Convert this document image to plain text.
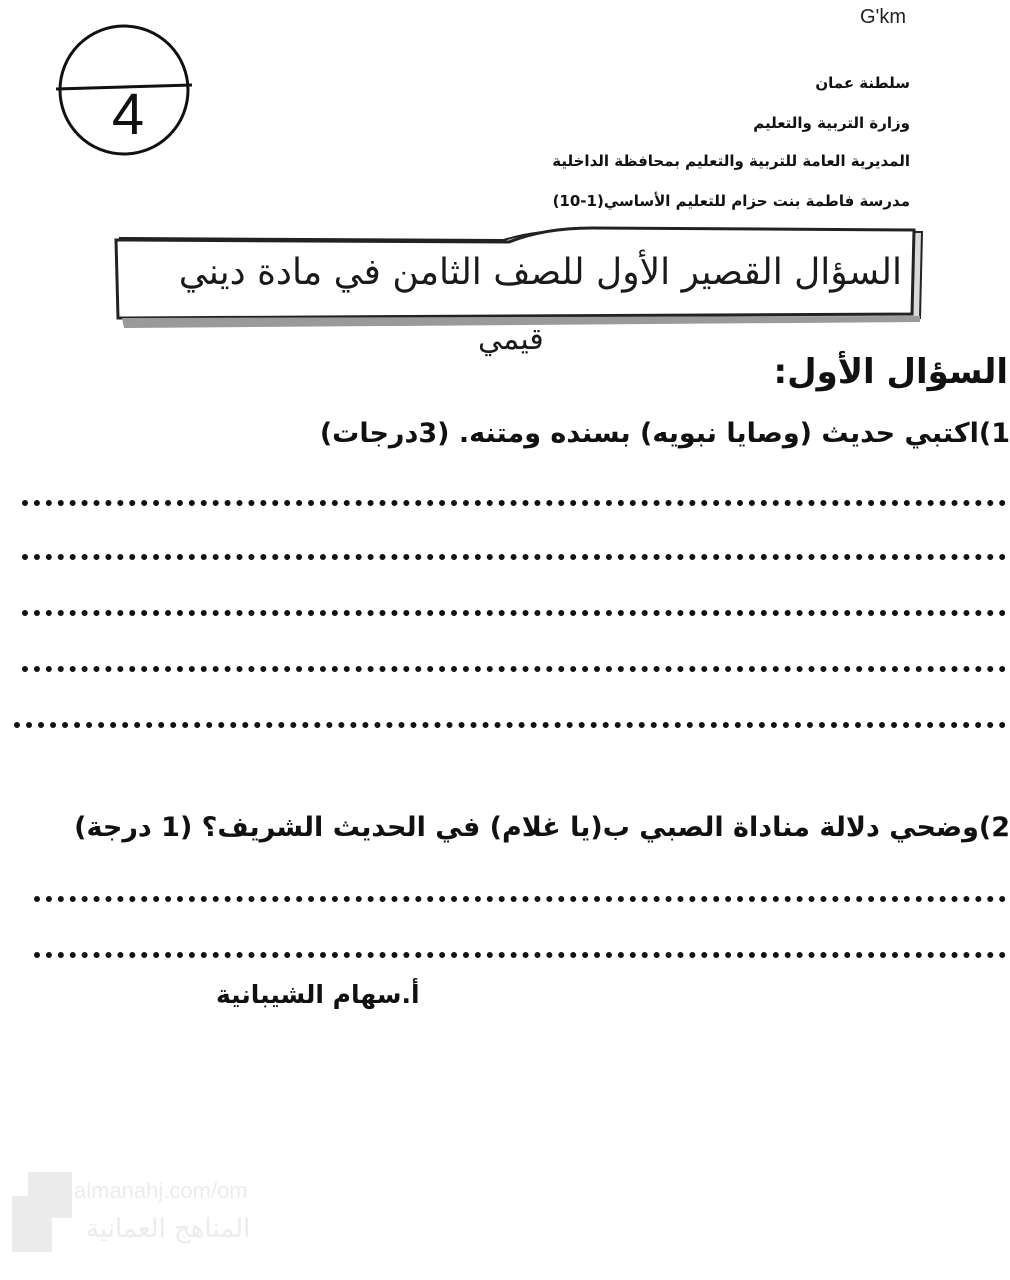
G'km
4	سلطنة عمان
وزارة التربية والتعليم
المديرية العامة للتربية والتعليم بمحافظة الداخلية
مدرسة فاطمة بنت حزام للتعليم الأساسي(1-10)
السؤال القصير الأول للصف الثامن في مادة ديني
قيمي
السؤال الأول:
1)اكتبي حديث (وصايا نبويه) بسنده ومتنه. (3درجات)
2)وضحي دلالة مناداة الصبي ب(يا غلام) في الحديث الشريف؟ (1 درجة)
أ.سهام الشيبانية
almanahj.com/om
المناهج العمانية
